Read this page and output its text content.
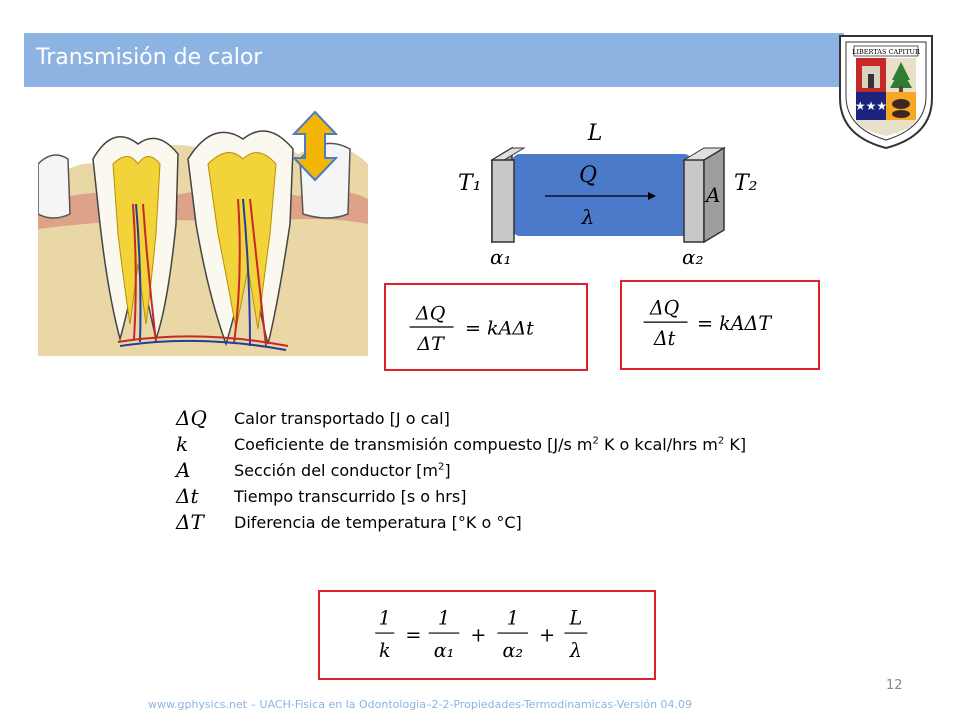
Transmisión de calor	LIBERTAS CAPITUR
★★★
L
Q
λ
T₁	T₂
A
α₁	α₂
ΔQ
ΔT
= kAΔt
ΔQ
Δt
= kAΔT
ΔQ	Calor transportado [J o cal]
k	Coeficiente de transmisión compuesto [J/s $m^2$ K o kcal/hrs $m^2$ K]
A	Sección del conductor $[m^2]$
Δt	Tiempo transcurrido [s o hrs]
ΔT	Diferencia de temperatura [°K o °C]
1
k
=
1
α₁
+
1
α₂
+
L
λ
12
www.gphysics.net – UACH-Fisica en la Odontologia–2-2-Propiedades-Termodinamicas-Versión 04.09
